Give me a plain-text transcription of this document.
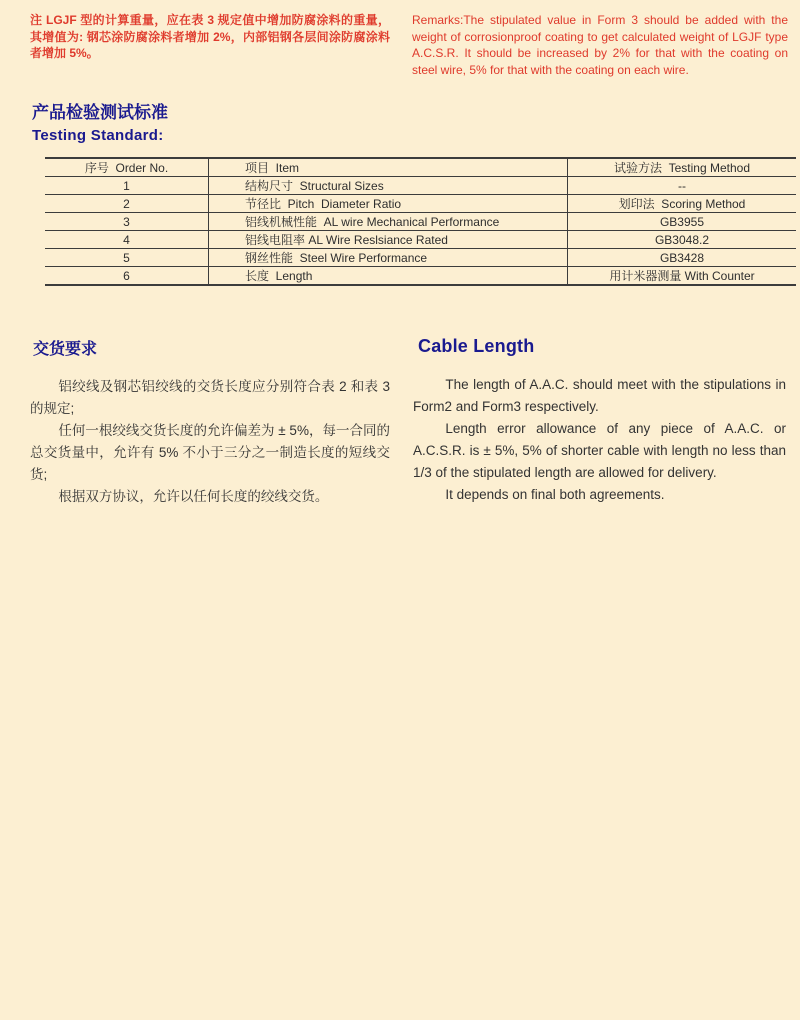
注 LGJF 型的计算重量，应在表 3 规定值中增加防腐涂料的重量，其增值为: 钢芯涂防腐涂料者增加 2%，内部铝钢各层间涂防腐涂料者增加 5%。

Remarks:The stipulated value in Form 3 should be added with the weight of corrosionproof coating to get calculated weight of LGJF type A.C.S.R. It should be increased by 2% for that with the coating on steel wire, 5% for that with the coating on each wire.

产品检验测试标准
Testing Standard:
序号  Order No.	项目  Item	试验方法  Testing Method
1	结构尺寸  Structural Sizes	--
2	节径比  Pitch  Diameter Ratio	划印法  Scoring Method
3	铝线机械性能  AL wire Mechanical Performance	GB3955
4	铝线电阻率 AL Wire Reslsiance Rated	GB3048.2
5	钢丝性能  Steel Wire Performance	GB3428
6	长度  Length	用计米器测量 With Counter
交货要求

铝绞线及钢芯铝绞线的交货长度应分别符合表 2 和表 3 的规定;

任何一根绞线交货长度的允许偏差为 ± 5%，每一合同的总交货量中，允许有 5% 不小于三分之一制造长度的短线交货;

根据双方协议，允许以任何长度的绞线交货。

Cable Length

The length of A.A.C. should meet with the stipulations in Form2 and Form3 respectively.

Length error allowance of any piece of A.A.C. or A.C.S.R. is ± 5%, 5% of shorter cable with length no less than 1/3 of the stipulated length are allowed for delivery.

It depends on final both agreements.
